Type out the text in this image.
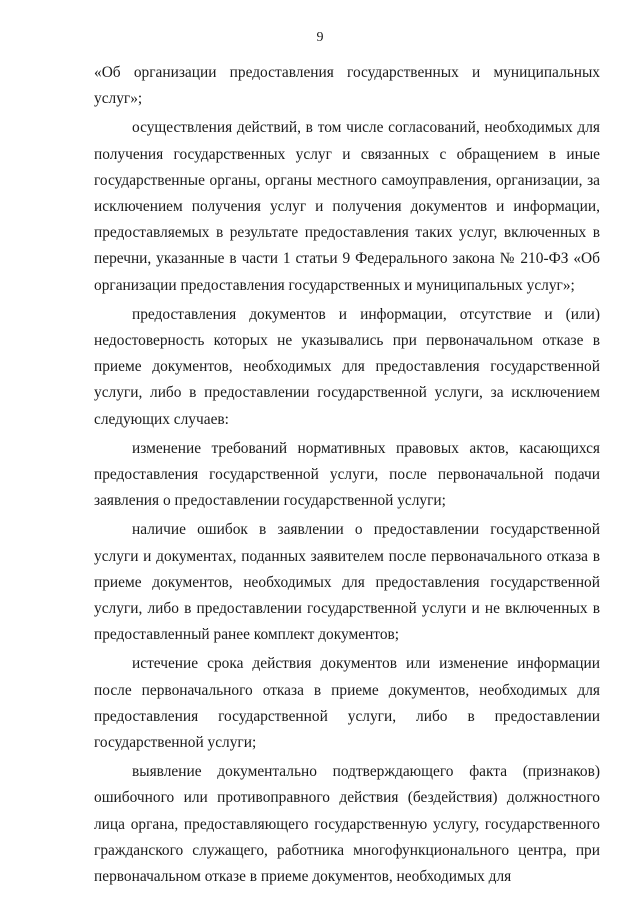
9

«Об организации предоставления государственных и муниципальных услуг»;

осуществления действий, в том числе согласований, необходимых для получения государственных услуг и связанных с обращением в иные государственные органы, органы местного самоуправления, организации, за исключением получения услуг и получения документов и информации, предоставляемых в результате предоставления таких услуг, включенных в перечни, указанные в части 1 статьи 9 Федерального закона № 210-ФЗ «Об организации предоставления государственных и муниципальных услуг»;

предоставления документов и информации, отсутствие и (или) недостоверность которых не указывались при первоначальном отказе в приеме документов, необходимых для предоставления государственной услуги, либо в предоставлении государственной услуги, за исключением следующих случаев:

изменение требований нормативных правовых актов, касающихся предоставления государственной услуги, после первоначальной подачи заявления о предоставлении государственной услуги;

наличие ошибок в заявлении о предоставлении государственной услуги и документах, поданных заявителем после первоначального отказа в приеме документов, необходимых для предоставления государственной услуги, либо в предоставлении государственной услуги и не включенных в предоставленный ранее комплект документов;

истечение срока действия документов или изменение информации после первоначального отказа в приеме документов, необходимых для предоставления государственной услуги, либо в предоставлении государственной услуги;

выявление документально подтверждающего факта (признаков) ошибочного или противоправного действия (бездействия) должностного лица органа, предоставляющего государственную услугу, государственного гражданского служащего, работника многофункционального центра, при первоначальном отказе в приеме документов, необходимых для
